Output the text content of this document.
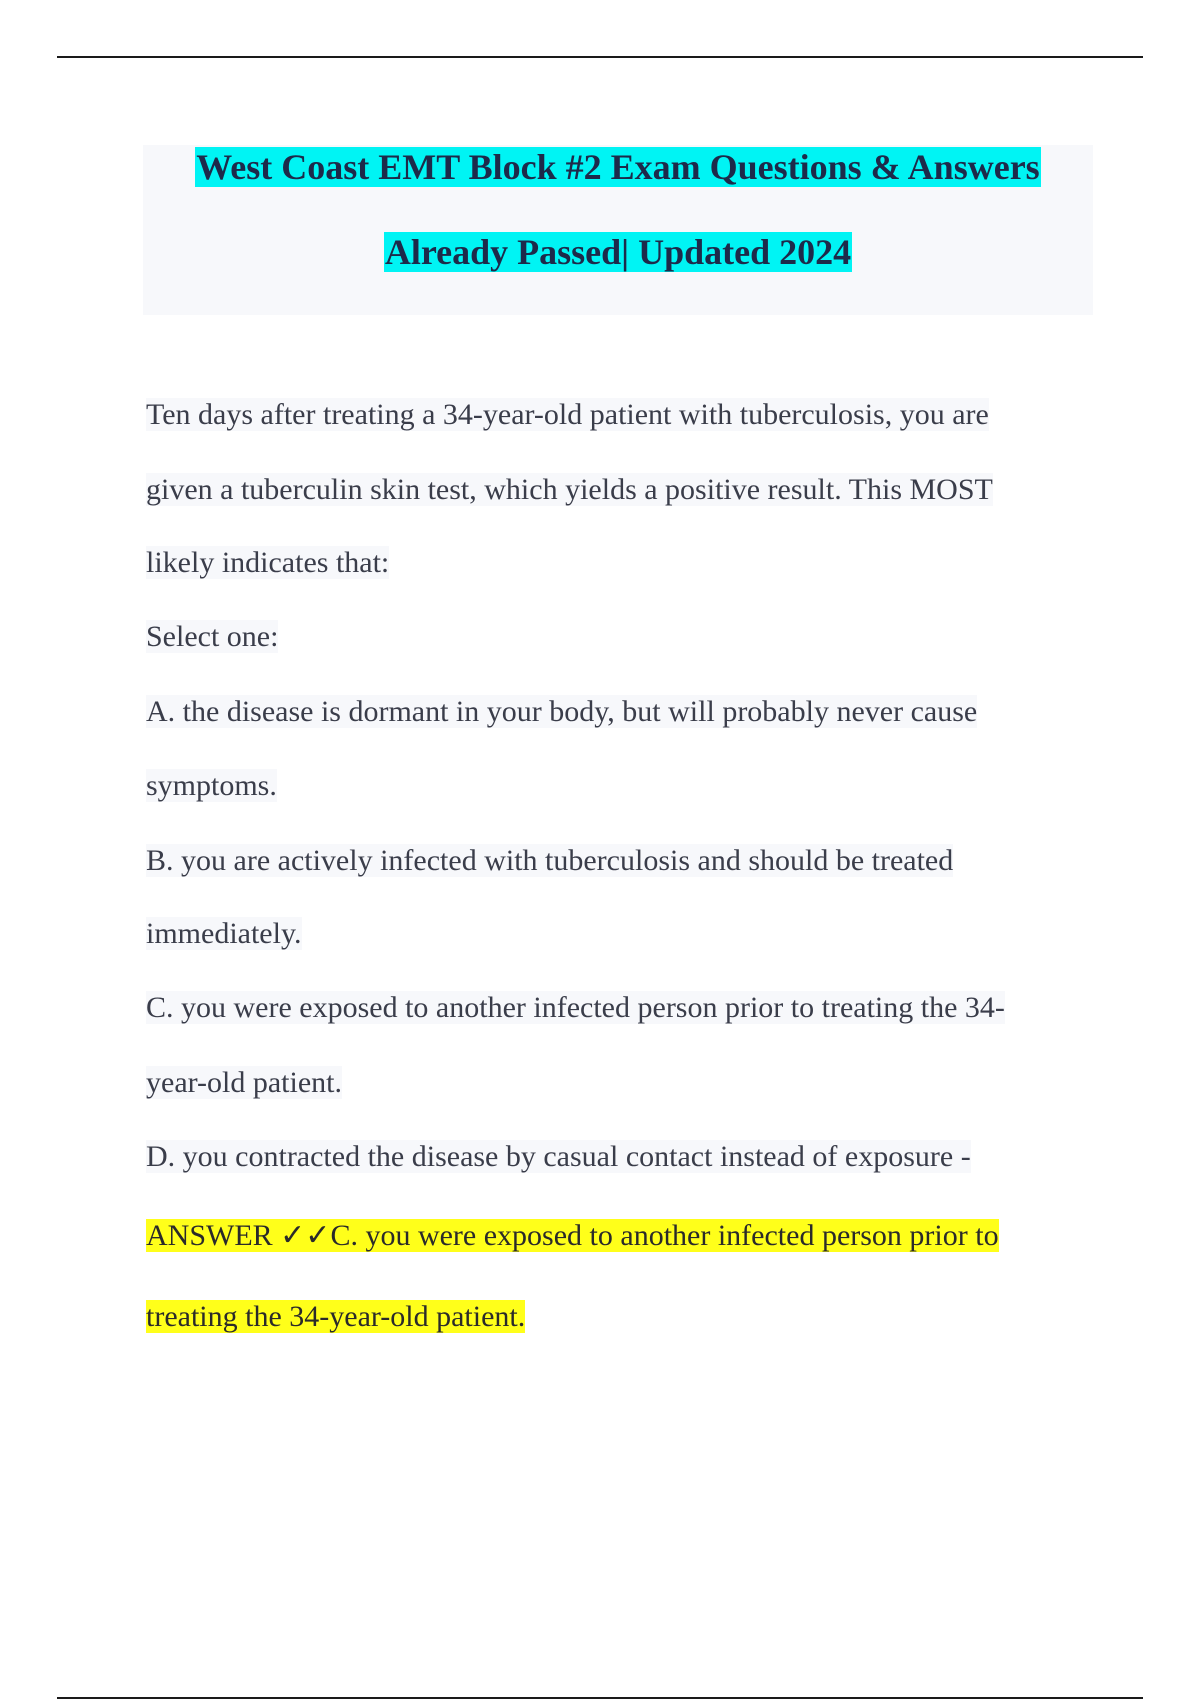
West Coast EMT Block #2 Exam Questions & Answers
Already Passed| Updated 2024
Ten days after treating a 34-year-old patient with tuberculosis, you are
given a tuberculin skin test, which yields a positive result. This MOST
likely indicates that:
Select one:
A. the disease is dormant in your body, but will probably never cause
symptoms.
B. you are actively infected with tuberculosis and should be treated
immediately.
C. you were exposed to another infected person prior to treating the 34-
year-old patient.
D. you contracted the disease by casual contact instead of exposure -
ANSWER ✓✓C. you were exposed to another infected person prior to
treating the 34-year-old patient.
